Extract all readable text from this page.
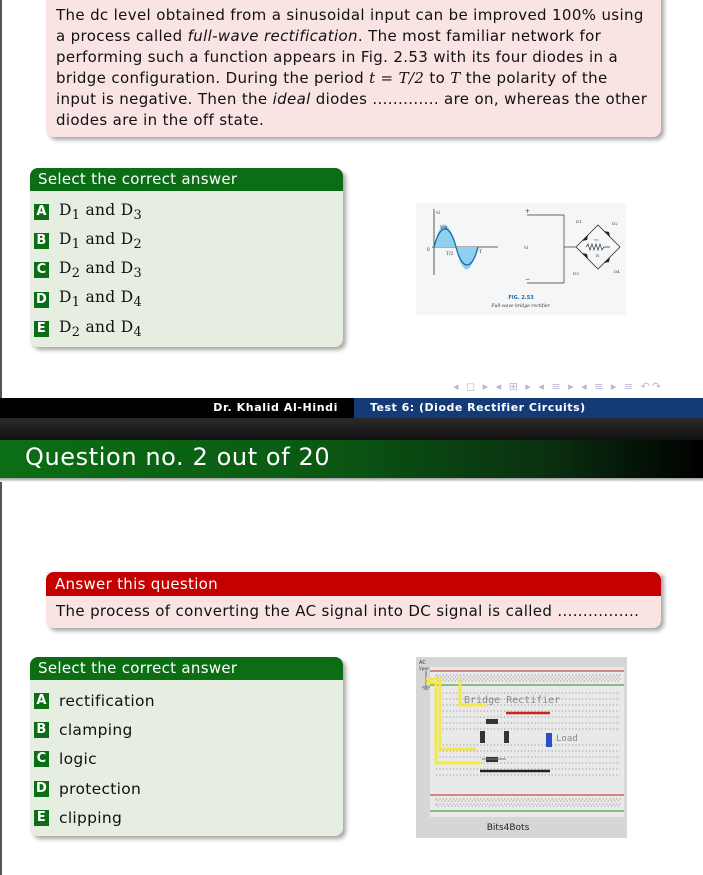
The dc level obtained from a sinusoidal input can be improved 100% using a process called full-wave rectification. The most familiar network for performing such a function appears in Fig. 2.53 with its four diodes in a bridge configuration. During the period t = T/2 to T the polarity of the input is negative. Then the ideal diodes ............. are on, whereas the other diodes are in the off state.
Select the correct answer
A $D_1$ and $D_3$
B $D_1$ and $D_2$
C $D_2$ and $D_3$
D $D_1$ and $D_4$
E $D_2$ and $D_4$
vi
Vm
0
T/2	T
+
vi
−
D1	D2
D3	D4
R
vo
FIG. 2.53
Full-wave bridge rectifier.
◂ ◻ ▸ ◂ ⊞ ▸ ◂ ≡ ▸ ◂ ≡ ▸ ≡ ↶↷
Dr. Khalid Al-Hindi	Test 6: (Diode Rectifier Circuits)
Question no. 2 out of 20
Answer this question
The process of converting the AC signal into DC signal is called ................
Select the correct answer
A rectification
B clamping
C logic
D protection
E clipping
AC
Vpwr
Bridge Rectifier
Load
Bits4Bots
